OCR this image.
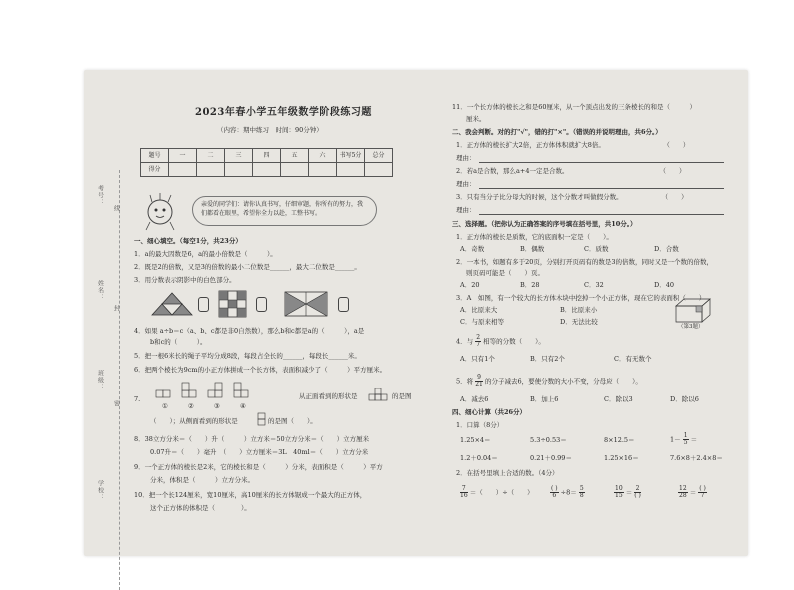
考号：
姓名：
封
班级：
密
线
学校：
2023年春小学五年级数学阶段练习题
（内容：期中练习　时间：90分钟）
题号	一	二	三	四	五	六	书写5分	总分
得分								
亲爱的同学们：请你认真书写，仔细审题，你所有的努力，我们都看在眼里，希望你全力以赴，工整书写。
一、细心填空。（每空1分，共23分）
1．a的最大因数是6，a的最小倍数是（　　　）。
2．既是2的倍数，又是3的倍数的最小二位数是______，最大二位数是______。
3．用分数表示阴影中的白色部分。
4．如果 a÷b＝c（a、b、c都是非0自然数），那么b和c都是a的（　　　），a是
b和c的（　　　）。
5．把一根6米长的绳子平均分成8段，每段占全长的______，每段长______米。
6．把两个棱长为9cm的小正方体拼成一个长方体，表面积减少了（　　　）平方厘米。
7.
①	②	③	④
从正面看到的形状是	的是图
（　　）；从侧面看到的形状是	的是图（　　）。
8．38立方分米＝（　　）升（　　　）立方米＝50立方分米＝（　　）立方厘米
0.07升＝（　　）毫升　（　　）立方厘米＝3L　40ml＝（　　）立方分米
9．一个正方体的棱长是2米，它的棱长和是（　　　）分米，表面积是（　　　）平方
分米，体积是（　　　）立方分米。
10．把一个长124厘米，宽10厘米，高10厘米的长方体锯成一个最大的正方体，
这个正方体的体积是（　　　　）。
11．一个长方体的棱长之和是60厘米，从一个顶点出发的三条棱长的和是（　　　）
厘米。
二、我会判断。对的打"√"，错的打"×"。（错误的并说明理由，共6分。）
1．正方体的棱长扩大2倍，正方体体积就扩大8倍。　　　　　　　　　　（　　）
理由：
2．若a是合数，那么a+4一定是合数。　　　　　　　　　　　　　　　（　　）
理由：
3．只有当分子比分母大的时候，这个分数才叫做假分数。　　　　　　　（　　）
理由：
三、选择题。（把你认为正确答案的序号填在括号里，共10分。）
1．正方体的棱长是质数，它的底面积一定是（　　）。
A．奇数	B．偶数	C．质数	D．合数
2．一本书，如题有多于20页，分别打开页码有的数是3的倍数，同时又是一个数的倍数，
则页码可能是（　　）页。
A．20	B．28	C．32	D．40
3．A　如图，有一个较大的长方体木块中挖掉一个小正方体，现在它的表面积（　　）
A．比原来大	B．比原来小
C．与原来相等	D．无法比较
（第3题）
4．与 $\frac{2}{7}$ 相等的分数（　　）。
A．只有1个	B．只有2个	C．有无数个
5．将 $\frac{9}{21}$ 的分子减去6，要使分数的大小不变，分母应（　　）。
A．减去6	B．加上6	C．除以3	D．除以6
四、细心计算（共26分）
1．口算（8分）
1.25×4＝	5.3÷0.53＝	8×12.5＝	$1- \frac{1}{5}$ ＝
1.2＋0.04＝	0.21＋0.99＝	1.25×16＝	7.6×8＋2.4×8＝
2．在括号里填上合适的数。（4分）
$\frac{7}{16}$ ＝（　　）÷（　　）	$\frac{( )}{6} \div 8= \frac{5}{8}$	$\frac{10}{15} = \frac{2}{( )}$	$\frac{12}{28} = \frac{( )}{7}$
